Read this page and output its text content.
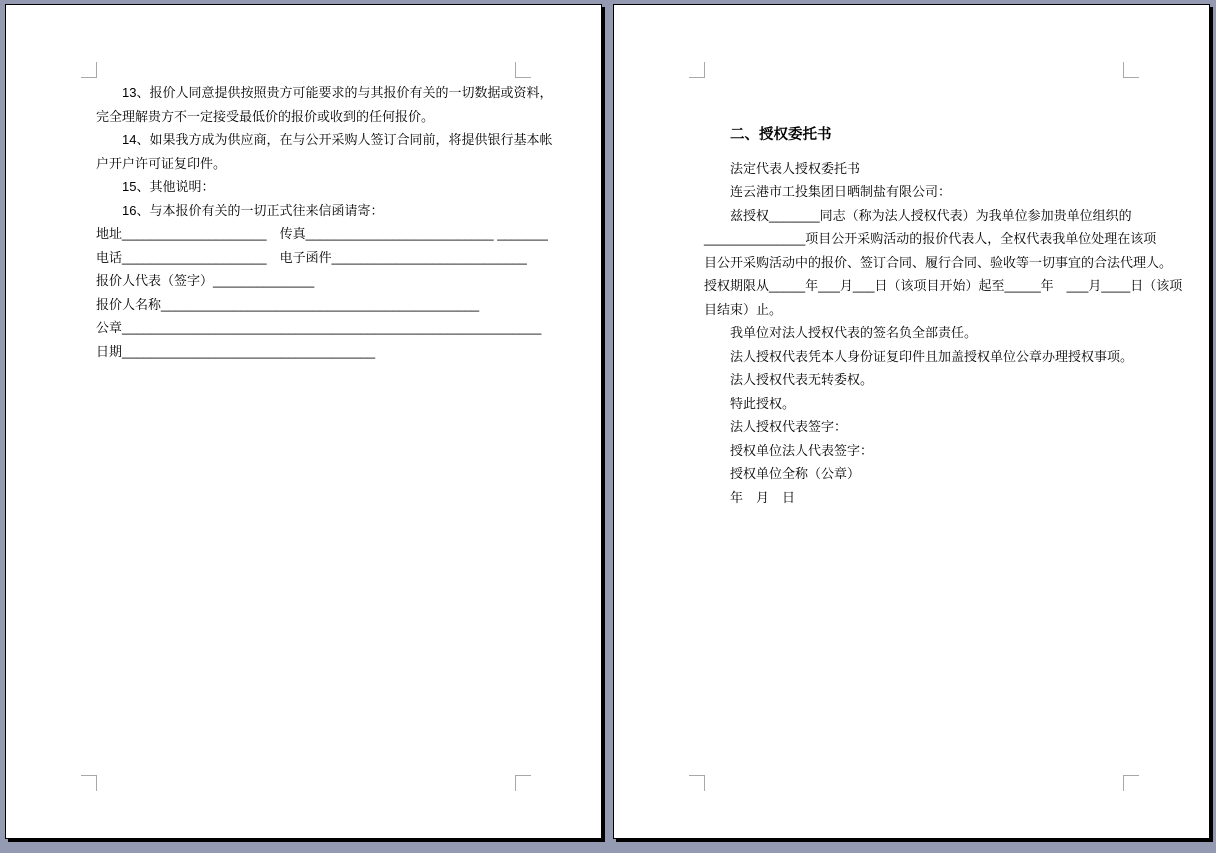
13、报价人同意提供按照贵方可能要求的与其报价有关的一切数据或资料，
完全理解贵方不一定接受最低价的报价或收到的任何报价。
14、如果我方成为供应商，在与公开采购人签订合同前，将提供银行基本帐
户开户许可证复印件。
15、其他说明：
16、与本报价有关的一切正式往来信函请寄：
地址____________________　传真__________________________ _______
电话____________________　电子函件___________________________
报价人代表（签字）______________
报价人名称____________________________________________
公章__________________________________________________________
日期___________________________________
二、授权委托书
法定代表人授权委托书
连云港市工投集团日晒制盐有限公司：
兹授权_______同志（称为法人授权代表）为我单位参加贵单位组织的
______________项目公开采购活动的报价代表人，全权代表我单位处理在该项
目公开采购活动中的报价、签订合同、履行合同、验收等一切事宜的合法代理人。
授权期限从_____年___月___日（该项目开始）起至_____年　___月____日（该项
目结束）止。
我单位对法人授权代表的签名负全部责任。
法人授权代表凭本人身份证复印件且加盖授权单位公章办理授权事项。
法人授权代表无转委权。
特此授权。
法人授权代表签字：
授权单位法人代表签字：
授权单位全称（公章）
年　月　日
